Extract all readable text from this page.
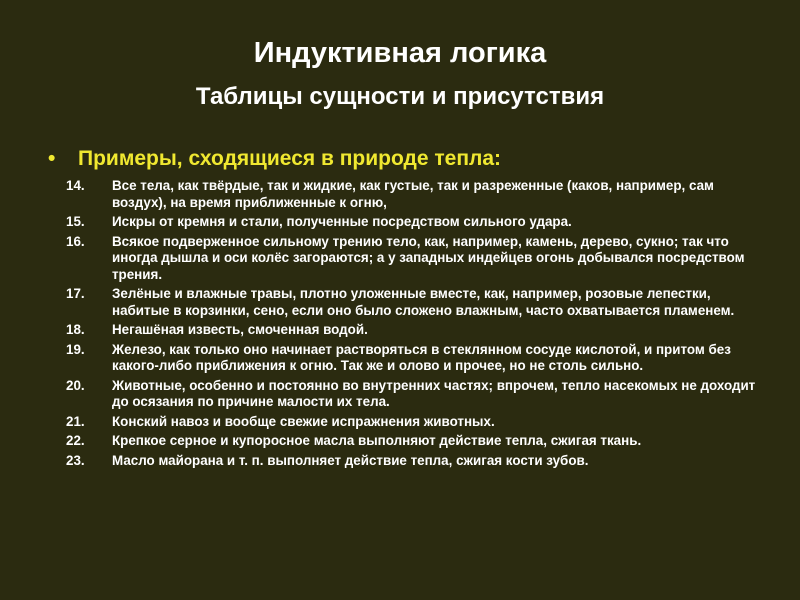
Индуктивная логика
Таблицы сущности и присутствия
• Примеры, сходящиеся в природе тепла:
14.	Все тела, как твёрдые, так и жидкие, как густые, так и разреженные (каков, например, сам воздух), на время приближенные к огню,
15.	Искры от кремня и стали, полученные посредством сильного удара.
16.	Всякое подверженное сильному трению тело, как, например, камень, дерево, сукно; так что иногда дышла и оси колёс загораются; а у западных индейцев огонь добывался посредством трения.
17.	Зелёные и влажные травы, плотно уложенные вместе, как, например, розовые лепестки, набитые в корзинки, сено, если оно было сложено влажным, часто охватывается пламенем.
18.	Негашёная известь, смоченная водой.
19.	Железо, как только оно начинает растворяться в стеклянном сосуде кислотой, и притом без какого-либо приближения к огню. Так же и олово и прочее, но не столь сильно.
20.	Животные, особенно и постоянно во внутренних частях; впрочем, тепло насекомых не доходит до осязания по причине малости их тела.
21.	Конский навоз и вообще свежие испражнения животных.
22.	Крепкое серное и купоросное масла выполняют действие тепла, сжигая ткань.
23.	Масло майорана и т. п. выполняет действие тепла, сжигая кости зубов.
